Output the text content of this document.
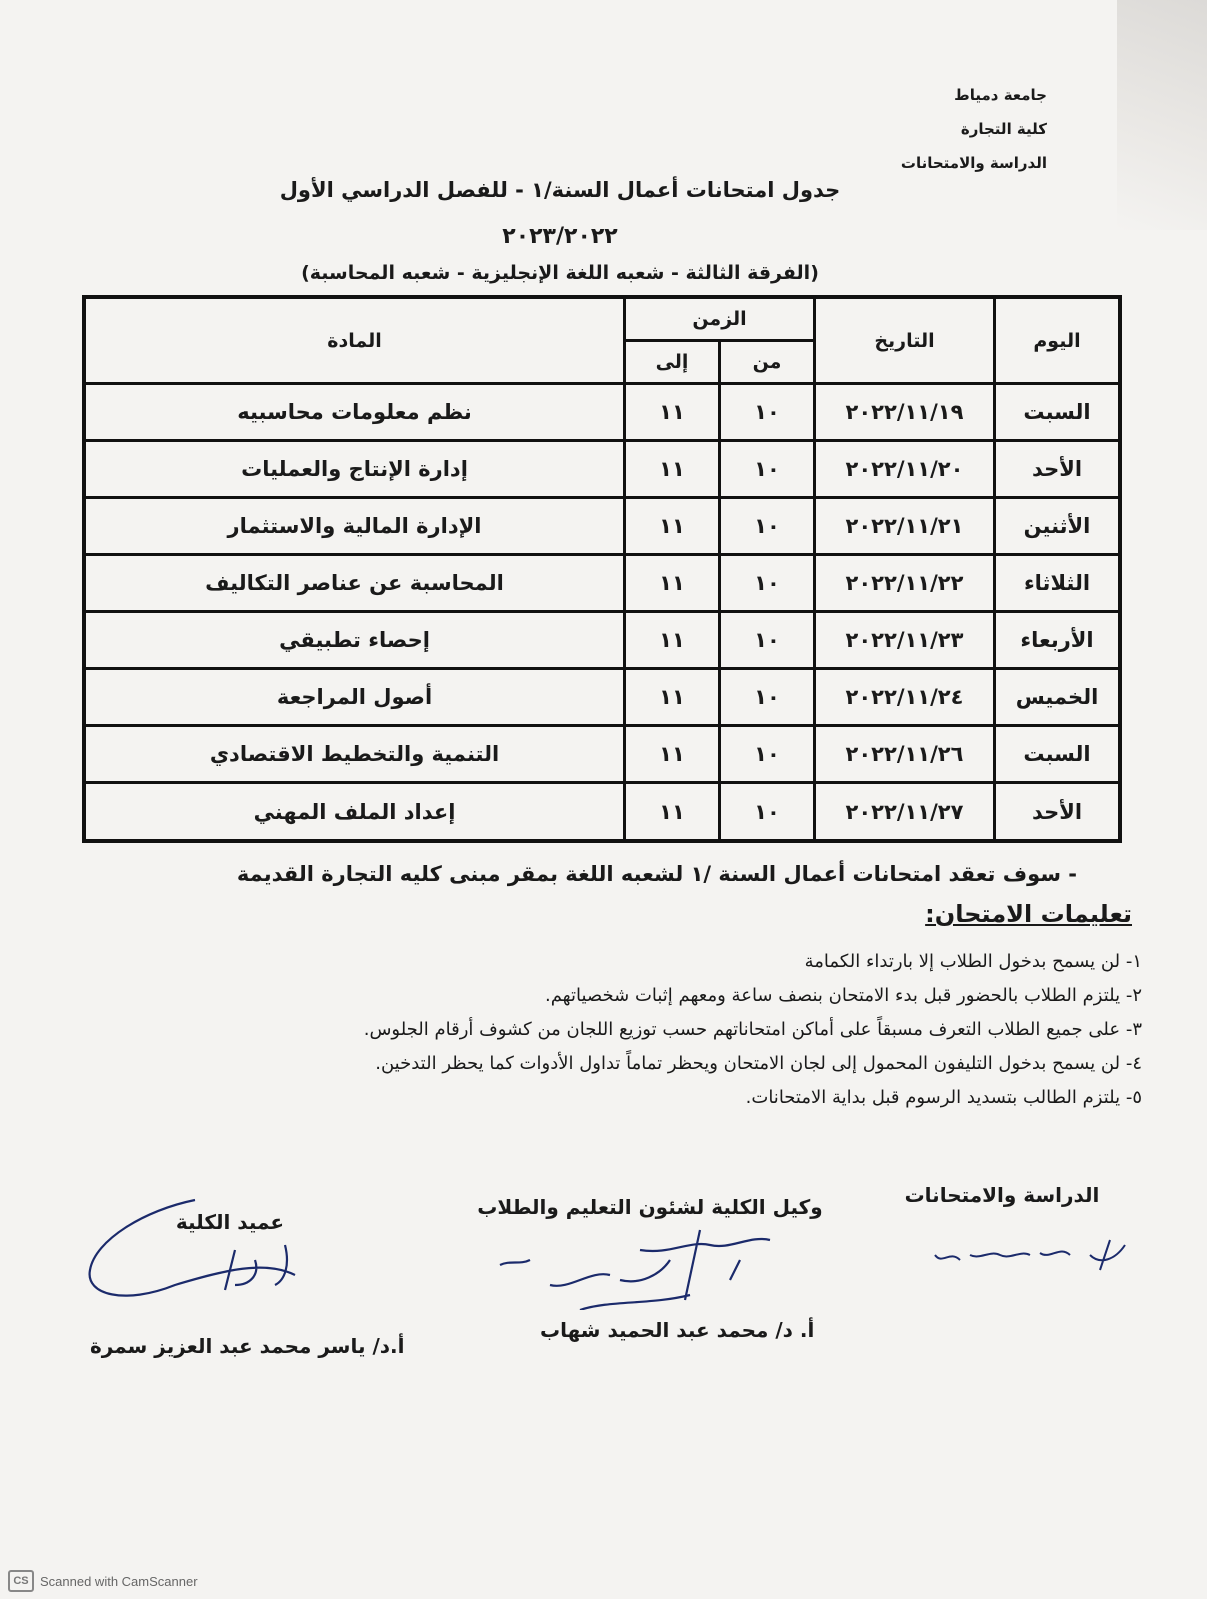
جامعة دمياط
كلية التجارة
الدراسة والامتحانات
جدول امتحانات أعمال السنة/١ - للفصل الدراسي الأول
٢٠٢٣/٢٠٢٢
(الفرقة الثالثة - شعبه اللغة الإنجليزية - شعبه المحاسبة)
اليوم	التاريخ	الزمن		المادة
		من	إلى	
السبت	٢٠٢٢/١١/١٩	١٠	١١	نظم معلومات محاسبيه
الأحد	٢٠٢٢/١١/٢٠	١٠	١١	إدارة الإنتاج والعمليات
الأثنين	٢٠٢٢/١١/٢١	١٠	١١	الإدارة المالية والاستثمار
الثلاثاء	٢٠٢٢/١١/٢٢	١٠	١١	المحاسبة عن عناصر التكاليف
الأربعاء	٢٠٢٢/١١/٢٣	١٠	١١	إحصاء تطبيقي
الخميس	٢٠٢٢/١١/٢٤	١٠	١١	أصول المراجعة
السبت	٢٠٢٢/١١/٢٦	١٠	١١	التنمية والتخطيط الاقتصادي
الأحد	٢٠٢٢/١١/٢٧	١٠	١١	إعداد الملف المهني
- سوف تعقد امتحانات أعمال السنة /١ لشعبه اللغة بمقر مبنى كليه التجارة القديمة
تعليمات الامتحان:
١- لن يسمح بدخول الطلاب إلا بارتداء الكمامة
٢- يلتزم الطلاب بالحضور قبل بدء الامتحان بنصف ساعة ومعهم إثبات شخصياتهم.
٣- على جميع الطلاب التعرف مسبقاً على أماكن امتحاناتهم حسب توزيع اللجان من كشوف أرقام الجلوس.
٤- لن يسمح بدخول التليفون المحمول إلى لجان الامتحان ويحظر تماماً تداول الأدوات كما يحظر التدخين.
٥- يلتزم الطالب بتسديد الرسوم قبل بداية الامتحانات.
الدراسة والامتحانات
وكيل الكلية لشئون التعليم والطلاب
عميد الكلية
أ. د/ محمد عبد الحميد شهاب
أ.د/ ياسر محمد عبد العزيز سمرة
CS Scanned with CamScanner
